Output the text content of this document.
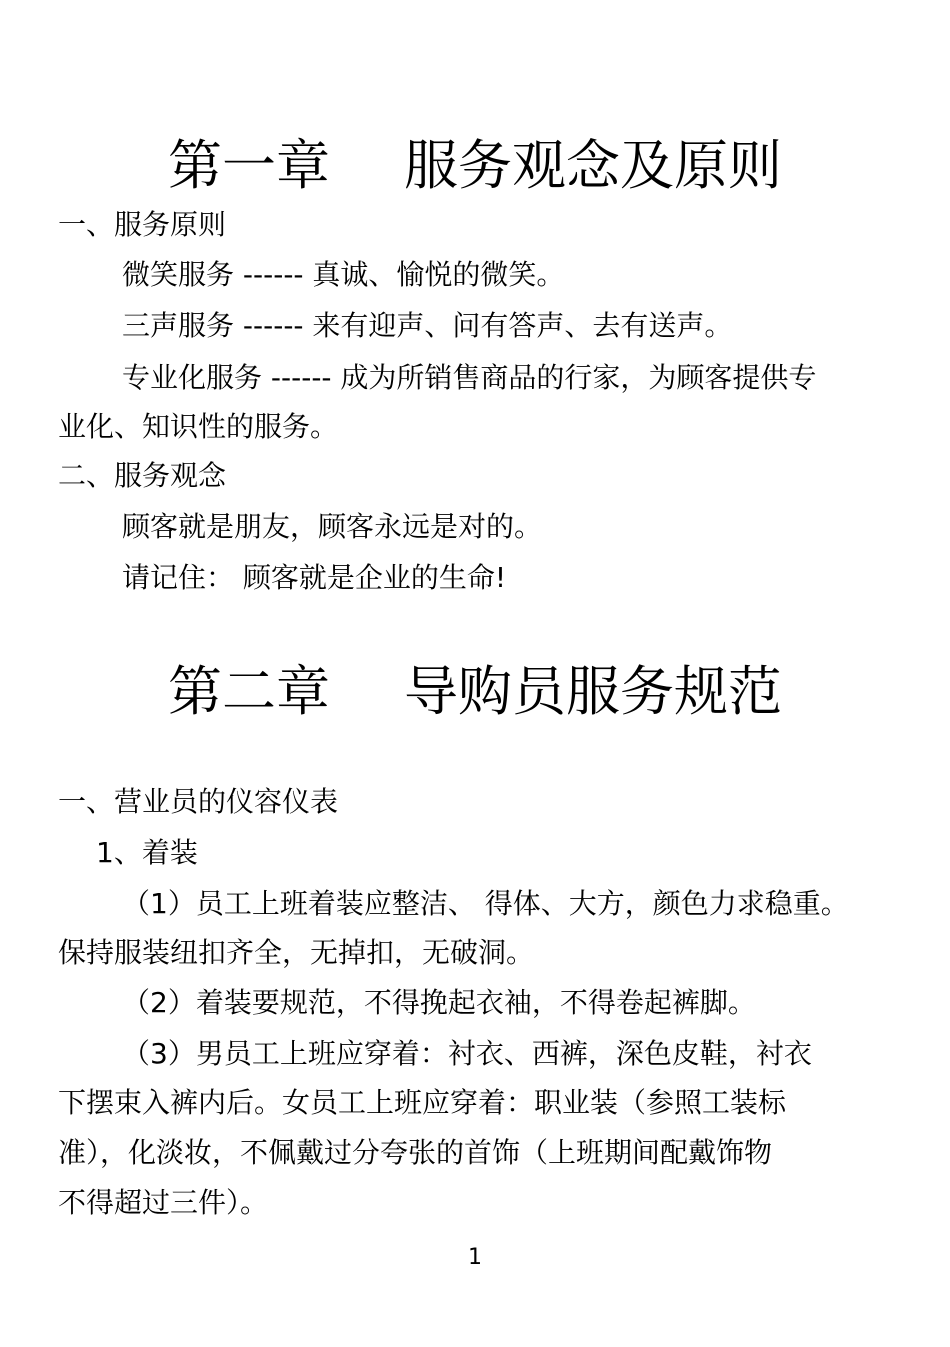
第一章 服务观念及原则
一、服务原则
微笑服务 ------ 真诚、愉悦的微笑。
三声服务 ------ 来有迎声、问有答声、去有送声。
专业化服务 ------ 成为所销售商品的行家，为顾客提供专
业化、知识性的服务。
二、服务观念
顾客就是朋友，顾客永远是对的。
请记住： 顾客就是企业的生命!
第二章 导购员服务规范
一、营业员的仪容仪表
1、着装
（1）员工上班着装应整洁、 得体、大方，颜色力求稳重。
保持服装纽扣齐全，无掉扣，无破洞。
（2）着装要规范，不得挽起衣袖，不得卷起裤脚。
（3）男员工上班应穿着：衬衣、西裤，深色皮鞋，衬衣
下摆束入裤内后。女员工上班应穿着：职业装（参照工装标
准），化淡妆，不佩戴过分夸张的首饰（上班期间配戴饰物
不得超过三件）。
1
